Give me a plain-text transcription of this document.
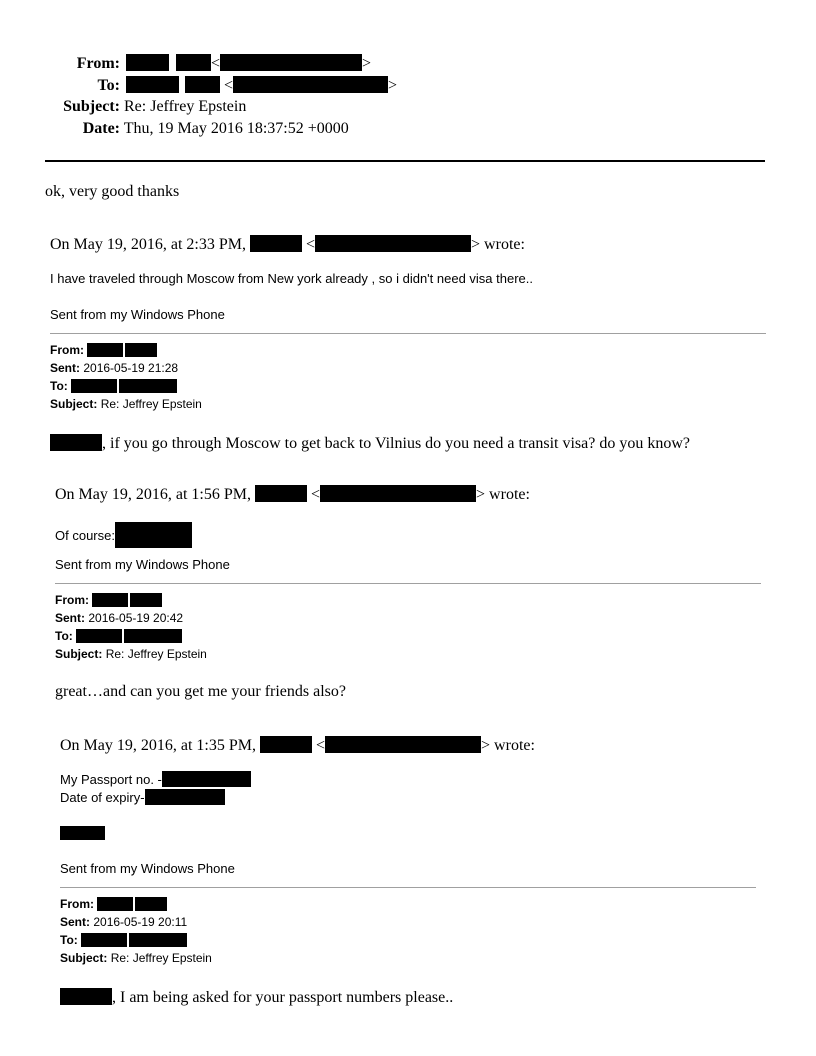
From:	<	>
To:	<	>
Subject: Re: Jeffrey Epstein
Date: Thu, 19 May 2016 18:37:52 +0000
ok, very good thanks
On May 19, 2016, at 2:33 PM,	<	> wrote:
I have traveled through Moscow from New york already , so i didn't need visa there..
Sent from my Windows Phone
From:
Sent: 2016-05-19 21:28
To:
Subject: Re: Jeffrey Epstein
, if you go through Moscow to get back to Vilnius do you need a transit visa? do you know?
On May 19, 2016, at 1:56 PM,	<	> wrote:
Of course:
Sent from my Windows Phone
From:
Sent: 2016-05-19 20:42
To:
Subject: Re: Jeffrey Epstein
great…and can you get me your friends also?
On May 19, 2016, at 1:35 PM,	<	> wrote:
My Passport no. -
Date of expiry-
Sent from my Windows Phone
From:
Sent: 2016-05-19 20:11
To:
Subject: Re: Jeffrey Epstein
, I am being asked for your passport numbers please..
